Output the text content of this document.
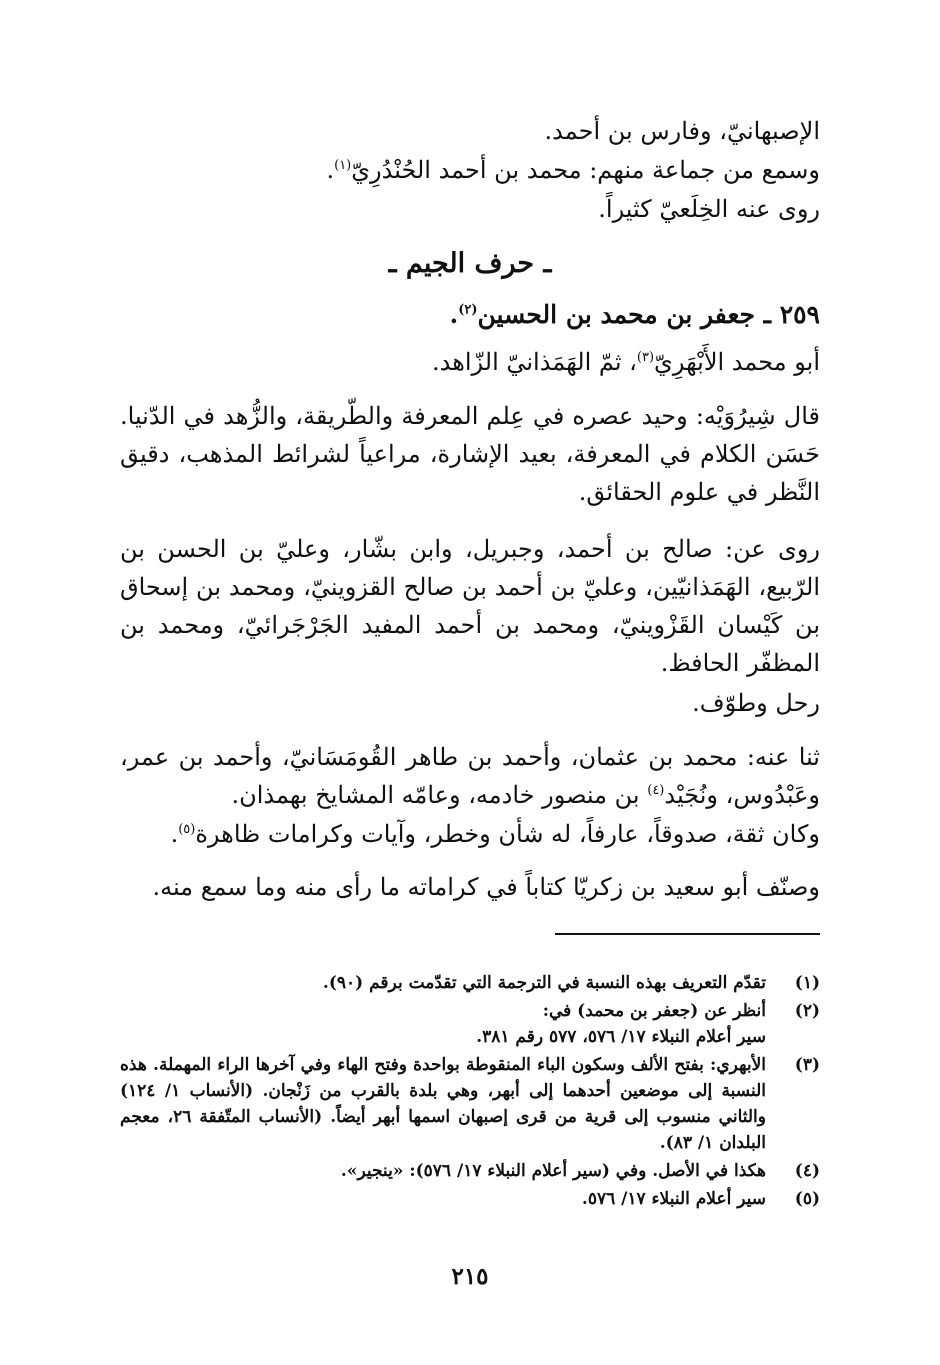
الإصبهانيّ، وفارس بن أحمد.
وسمع من جماعة منهم: محمد بن أحمد الحُنْدُرِيّ$^{(١)}$.
روى عنه الخِلَعيّ كثيراً.
ـ حرف الجيم ـ
٢٥٩ ـ جعفر بن محمد بن الحسين$^{(٢)}$.
أبو محمد الأَبْهَرِيّ$^{(٣)}$، ثمّ الهَمَذانيّ الزّاهد.
قال شِيرُوَيْه: وحيد عصره في عِلم المعرفة والطّريقة، والزُّهد في الدّنيا. حَسَن الكلام في المعرفة، بعيد الإشارة، مراعياً لشرائط المذهب، دقيق النَّظر في علوم الحقائق.
روى عن: صالح بن أحمد، وجبريل، وابن بشّار، وعليّ بن الحسن بن الرّبيع، الهَمَذانيّين، وعليّ بن أحمد بن صالح القزوينيّ، ومحمد بن إسحاق بن كَيْسان القَزْوينيّ، ومحمد بن أحمد المفيد الجَرْجَرائيّ، ومحمد بن المظفّر الحافظ.
رحل وطوّف.
ثنا عنه: محمد بن عثمان، وأحمد بن طاهر القُومَسَانيّ، وأحمد بن عمر، وعَبْدُوس، ونُجَيْد$^{(٤)}$ بن منصور خادمه، وعامّه المشايخ بهمذان.
وكان ثقة، صدوقاً، عارفاً، له شأن وخطر، وآيات وكرامات ظاهرة$^{(٥)}$.
وصنّف أبو سعيد بن زكريّا كتاباً في كراماته ما رأى منه وما سمع منه.
(١)
تقدّم التعريف بهذه النسبة في الترجمة التي تقدّمت برقم (٩٠).
(٢)
أنظر عن (جعفر بن محمد) في:
سير أعلام النبلاء ١٧/ ٥٧٦، ٥٧٧ رقم ٣٨١.
(٣)
الأبهري: بفتح الألف وسكون الباء المنقوطة بواحدة وفتح الهاء وفي آخرها الراء المهملة. هذه النسبة إلى موضعين أحدهما إلى أبهر، وهي بلدة بالقرب من زَنْجان. (الأنساب ١/ ١٢٤) والثاني منسوب إلى قرية من قرى إصبهان اسمها أبهر أيضاً. (الأنساب المتّفقة ٢٦، معجم البلدان ١/ ٨٣).
(٤)
هكذا في الأصل. وفي (سير أعلام النبلاء ١٧/ ٥٧٦): «ينجير».
(٥)
سير أعلام النبلاء ١٧/ ٥٧٦.
٢١٥
